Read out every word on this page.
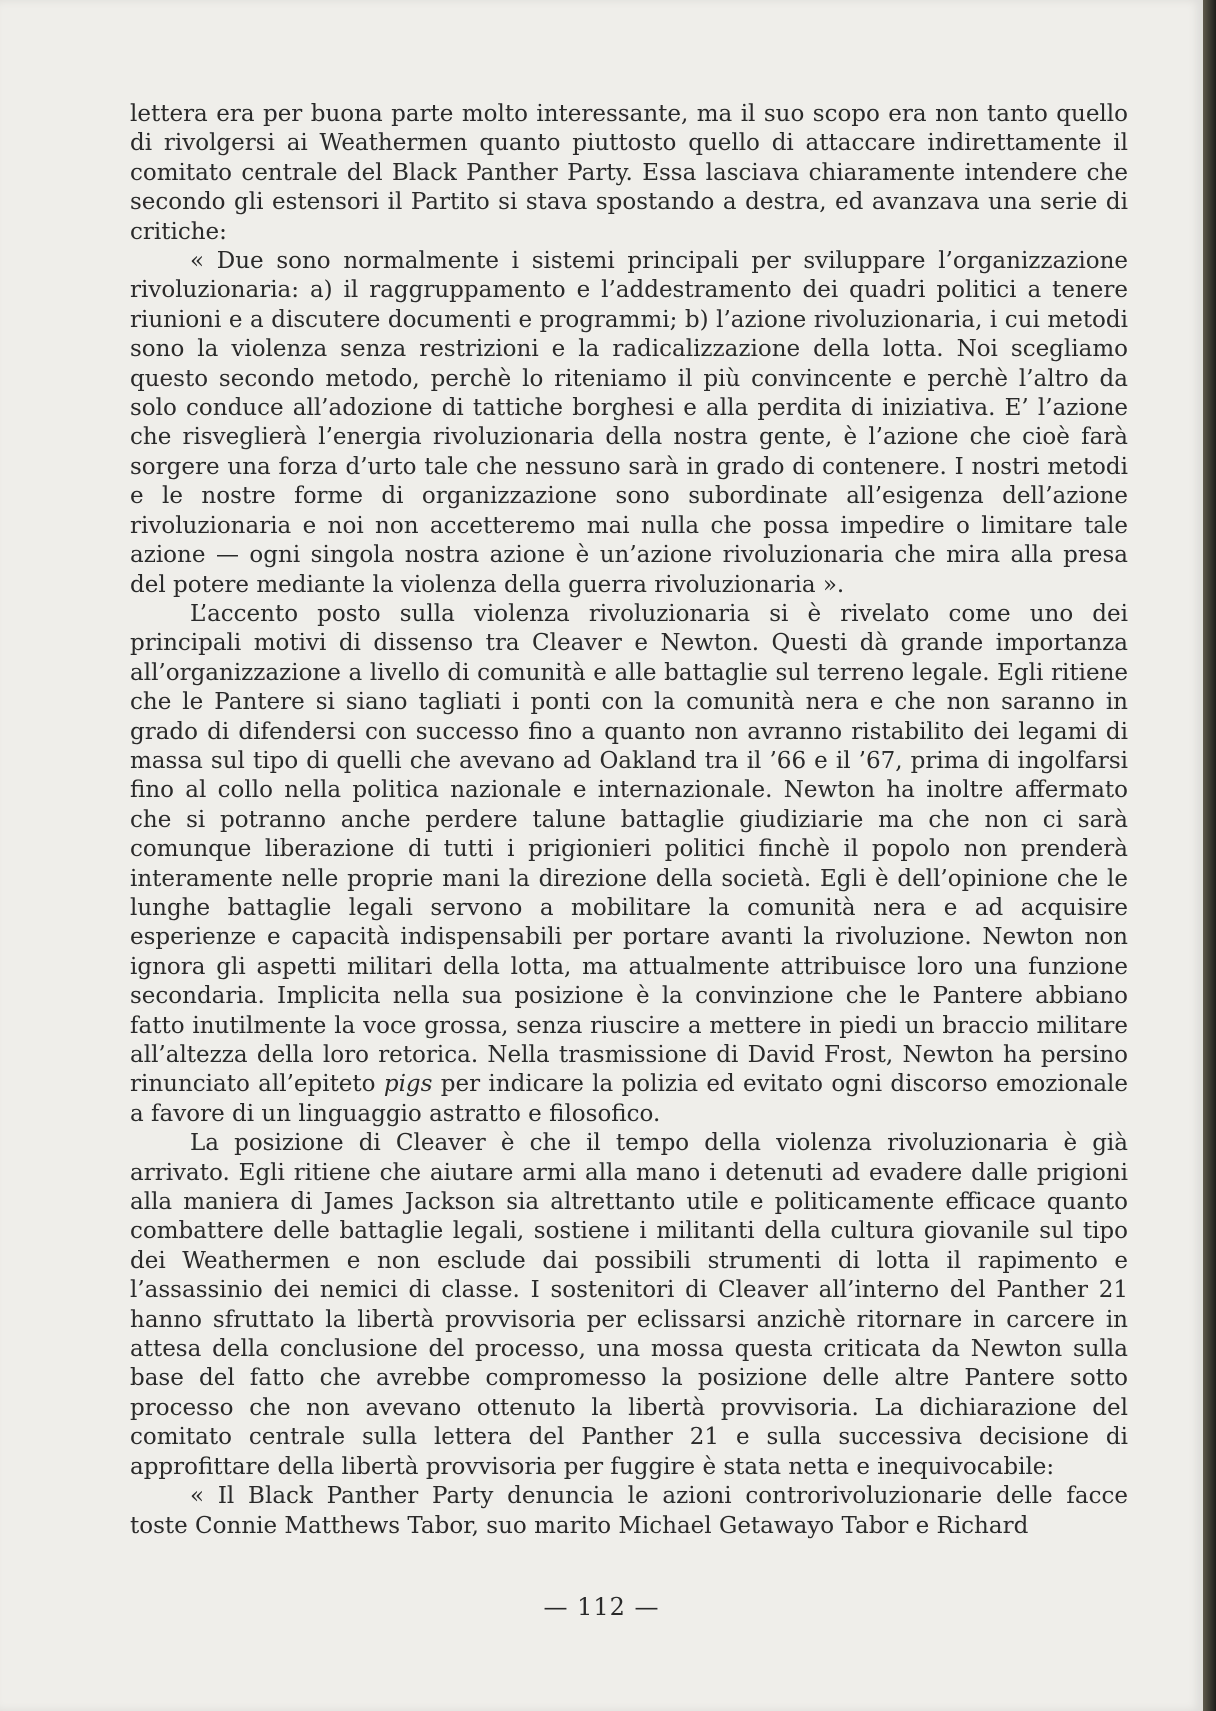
lettera era per buona parte molto interessante, ma il suo scopo era non tanto quello di rivolgersi ai Weathermen quanto piuttosto quello di attaccare indirettamente il comitato centrale del Black Panther Party. Essa lasciava chiaramente intendere che secondo gli estensori il Partito si stava spostando a destra, ed avanzava una serie di critiche:

« Due sono normalmente i sistemi principali per sviluppare l’organizzazione rivoluzionaria: a) il raggruppamento e l’addestramento dei quadri politici a tenere riunioni e a discutere documenti e programmi; b) l’azione rivoluzionaria, i cui metodi sono la violenza senza restrizioni e la radicalizzazione della lotta. Noi scegliamo questo secondo metodo, perchè lo riteniamo il più convincente e perchè l’altro da solo conduce all’adozione di tattiche borghesi e alla perdita di iniziativa. E’ l’azione che risveglierà l’energia rivoluzionaria della nostra gente, è l’azione che cioè farà sorgere una forza d’urto tale che nessuno sarà in grado di contenere. I nostri metodi e le nostre forme di organizzazione sono subordinate all’esigenza dell’azione rivoluzionaria e noi non accetteremo mai nulla che possa impedire o limitare tale azione — ogni singola nostra azione è un’azione rivoluzionaria che mira alla presa del potere mediante la violenza della guerra rivoluzionaria ».

L’accento posto sulla violenza rivoluzionaria si è rivelato come uno dei principali motivi di dissenso tra Cleaver e Newton. Questi dà grande importanza all’organizzazione a livello di comunità e alle battaglie sul terreno legale. Egli ritiene che le Pantere si siano tagliati i ponti con la comunità nera e che non saranno in grado di difendersi con successo fino a quanto non avranno ristabilito dei legami di massa sul tipo di quelli che avevano ad Oakland tra il ’66 e il ’67, prima di ingolfarsi fino al collo nella politica nazionale e internazionale. Newton ha inoltre affermato che si potranno anche perdere talune battaglie giudiziarie ma che non ci sarà comunque liberazione di tutti i prigionieri politici finchè il popolo non prenderà interamente nelle proprie mani la direzione della società. Egli è dell’opinione che le lunghe battaglie legali servono a mobilitare la comunità nera e ad acquisire esperienze e capacità indispensabili per portare avanti la rivoluzione. Newton non ignora gli aspetti militari della lotta, ma attualmente attribuisce loro una funzione secondaria. Implicita nella sua posizione è la convinzione che le Pantere abbiano fatto inutilmente la voce grossa, senza riuscire a mettere in piedi un braccio militare all’altezza della loro retorica. Nella trasmissione di David Frost, Newton ha persino rinunciato all’epiteto pigs per indicare la polizia ed evitato ogni discorso emozionale a favore di un linguaggio astratto e filosofico.

La posizione di Cleaver è che il tempo della violenza rivoluzionaria è già arrivato. Egli ritiene che aiutare armi alla mano i detenuti ad evadere dalle prigioni alla maniera di James Jackson sia altrettanto utile e politicamente efficace quanto combattere delle battaglie legali, sostiene i militanti della cultura giovanile sul tipo dei Weathermen e non esclude dai possibili strumenti di lotta il rapimento e l’assassinio dei nemici di classe. I sostenitori di Cleaver all’interno del Panther 21 hanno sfruttato la libertà provvisoria per eclissarsi anzichè ritornare in carcere in attesa della conclusione del processo, una mossa questa criticata da Newton sulla base del fatto che avrebbe compromesso la posizione delle altre Pantere sotto processo che non avevano ottenuto la libertà provvisoria. La dichiarazione del comitato centrale sulla lettera del Panther 21 e sulla successiva decisione di approfittare della libertà provvisoria per fuggire è stata netta e inequivocabile:

« Il Black Panther Party denuncia le azioni controrivoluzionarie delle facce toste Connie Matthews Tabor, suo marito Michael Getawayo Tabor e Richard

— 112 —
